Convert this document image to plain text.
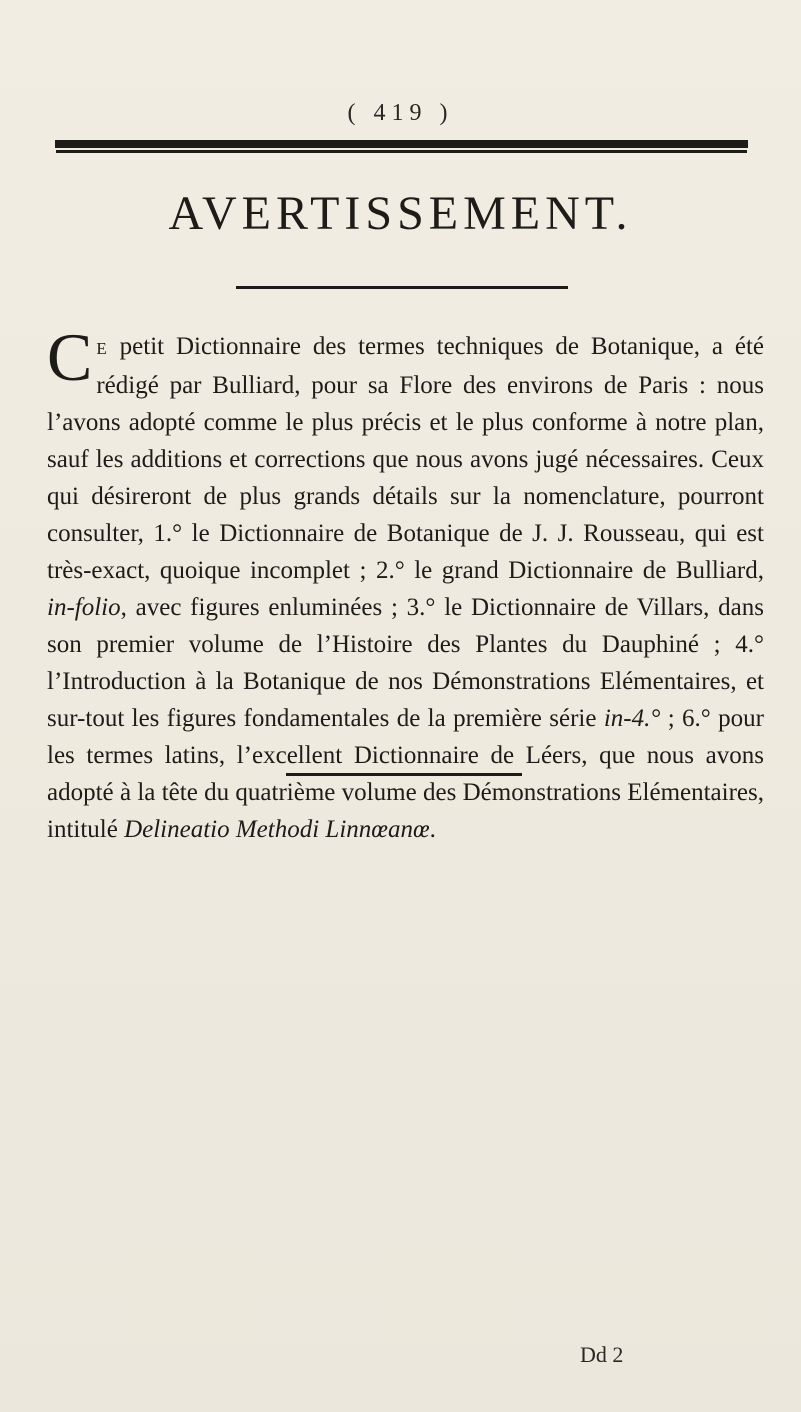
( 419 )
AVERTISSEMENT.
CE petit Dictionnaire des termes techniques de Botanique, a été rédigé par Bulliard, pour sa Flore des environs de Paris : nous l’avons adopté comme le plus précis et le plus conforme à notre plan, sauf les additions et corrections que nous avons jugé nécessaires. Ceux qui désireront de plus grands détails sur la nomenclature, pourront consulter, 1.° le Dictionnaire de Botanique de J. J. Rousseau, qui est très-exact, quoique incomplet ; 2.° le grand Dictionnaire de Bulliard, in-folio, avec figures enluminées ; 3.° le Dictionnaire de Villars, dans son premier volume de l’Histoire des Plantes du Dauphiné ; 4.° l’Introduction à la Botanique de nos Démonstrations Elémentaires, et sur-tout les figures fondamentales de la première série in-4.° ; 6.° pour les termes latins, l’excellent Dictionnaire de Léers, que nous avons adopté à la tête du quatrième volume des Démonstrations Elémentaires, intitulé Delineatio Methodi Linnœanœ.
Dd 2
